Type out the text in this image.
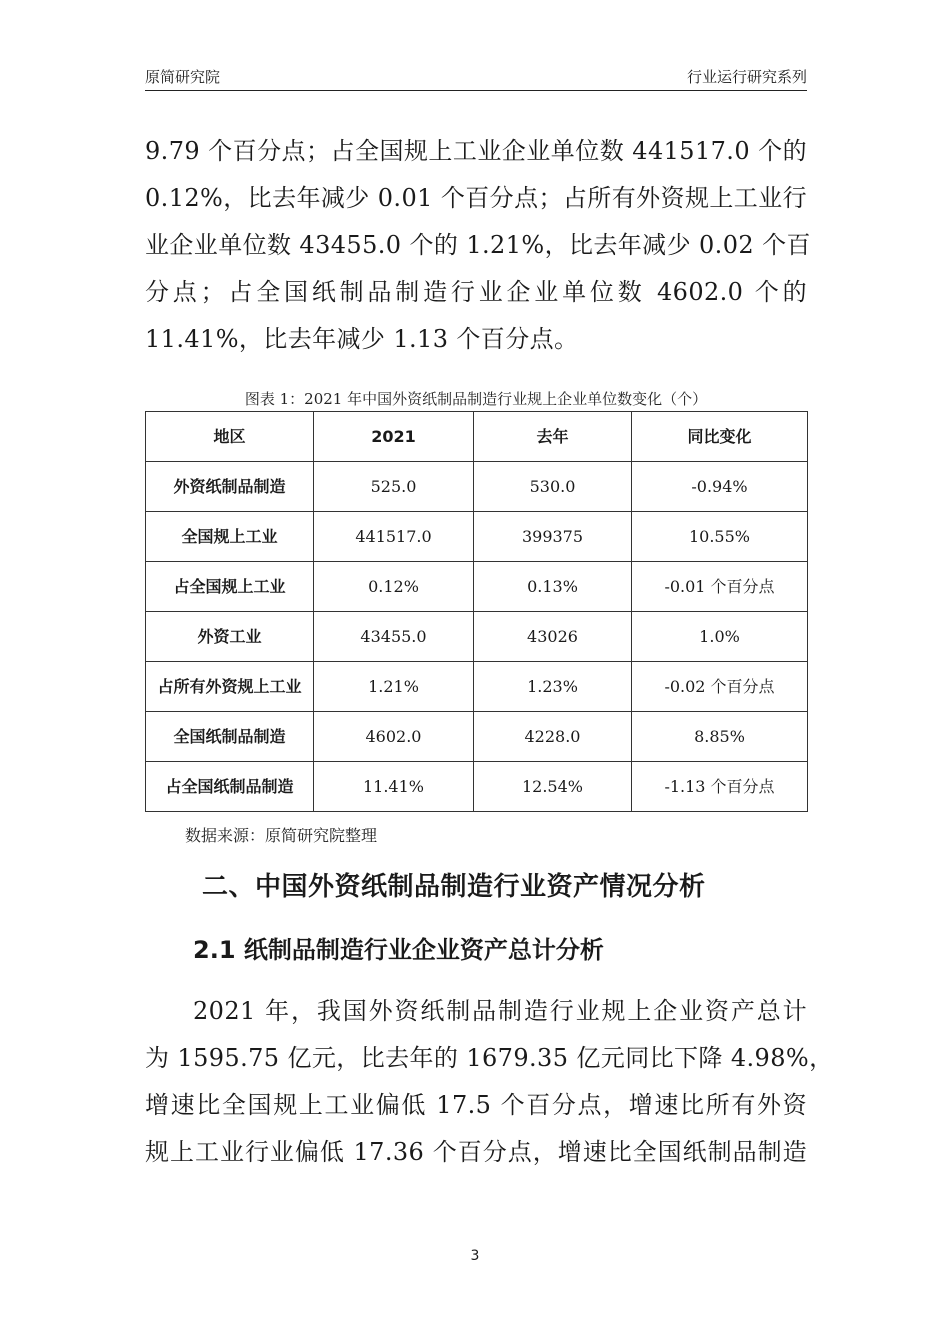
原简研究院	行业运行研究系列
9.79 个百分点；占全国规上工业企业单位数 441517.0 个的
0.12%，比去年减少 0.01 个百分点；占所有外资规上工业行
业企业单位数 43455.0 个的 1.21%，比去年减少 0.02 个百
分点；占全国纸制品制造行业企业单位数 4602.0 个的
11.41%，比去年减少 1.13 个百分点。
图表 1：2021 年中国外资纸制品制造行业规上企业单位数变化（个）
地区	2021	去年	同比变化
外资纸制品制造	525.0	530.0	-0.94%
全国规上工业	441517.0	399375	10.55%
占全国规上工业	0.12%	0.13%	-0.01 个百分点
外资工业	43455.0	43026	1.0%
占所有外资规上工业	1.21%	1.23%	-0.02 个百分点
全国纸制品制造	4602.0	4228.0	8.85%
占全国纸制品制造	11.41%	12.54%	-1.13 个百分点
数据来源：原简研究院整理
二、中国外资纸制品制造行业资产情况分析
2.1 纸制品制造行业企业资产总计分析
2021 年，我国外资纸制品制造行业规上企业资产总计
为 1595.75 亿元，比去年的 1679.35 亿元同比下降 4.98%，
增速比全国规上工业偏低 17.5 个百分点，增速比所有外资
规上工业行业偏低 17.36 个百分点，增速比全国纸制品制造
3
